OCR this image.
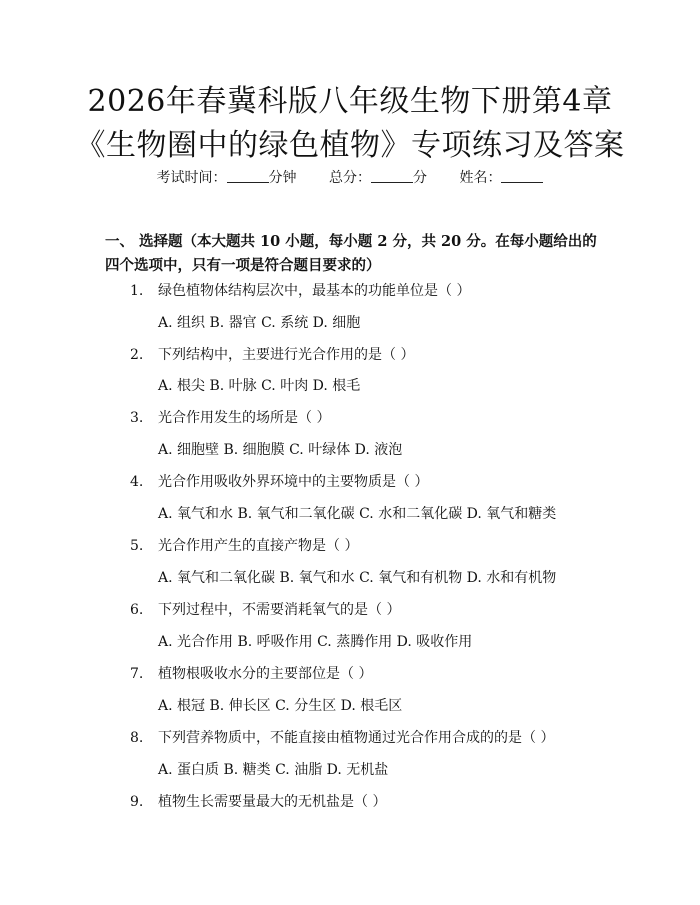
2026年春冀科版八年级生物下册第4章《生物圈中的绿色植物》专项练习及答案
考试时间：	分钟 总分：	分 姓名：
一、 选择题（本大题共 10 小题，每小题 2 分，共 20 分。在每小题给出的四个选项中，只有一项是符合题目要求的）
1. 绿色植物体结构层次中，最基本的功能单位是（ ）
A. 组织 B. 器官 C. 系统 D. 细胞
2. 下列结构中，主要进行光合作用的是（ ）
A. 根尖 B. 叶脉 C. 叶肉 D. 根毛
3. 光合作用发生的场所是（ ）
A. 细胞壁 B. 细胞膜 C. 叶绿体 D. 液泡
4. 光合作用吸收外界环境中的主要物质是（ ）
A. 氧气和水 B. 氧气和二氧化碳 C. 水和二氧化碳 D. 氧气和糖类
5. 光合作用产生的直接产物是（ ）
A. 氧气和二氧化碳 B. 氧气和水 C. 氧气和有机物 D. 水和有机物
6. 下列过程中，不需要消耗氧气的是（ ）
A. 光合作用 B. 呼吸作用 C. 蒸腾作用 D. 吸收作用
7. 植物根吸收水分的主要部位是（ ）
A. 根冠 B. 伸长区 C. 分生区 D. 根毛区
8. 下列营养物质中，不能直接由植物通过光合作用合成的的是（ ）
A. 蛋白质 B. 糖类 C. 油脂 D. 无机盐
9. 植物生长需要量最大的无机盐是（ ）
